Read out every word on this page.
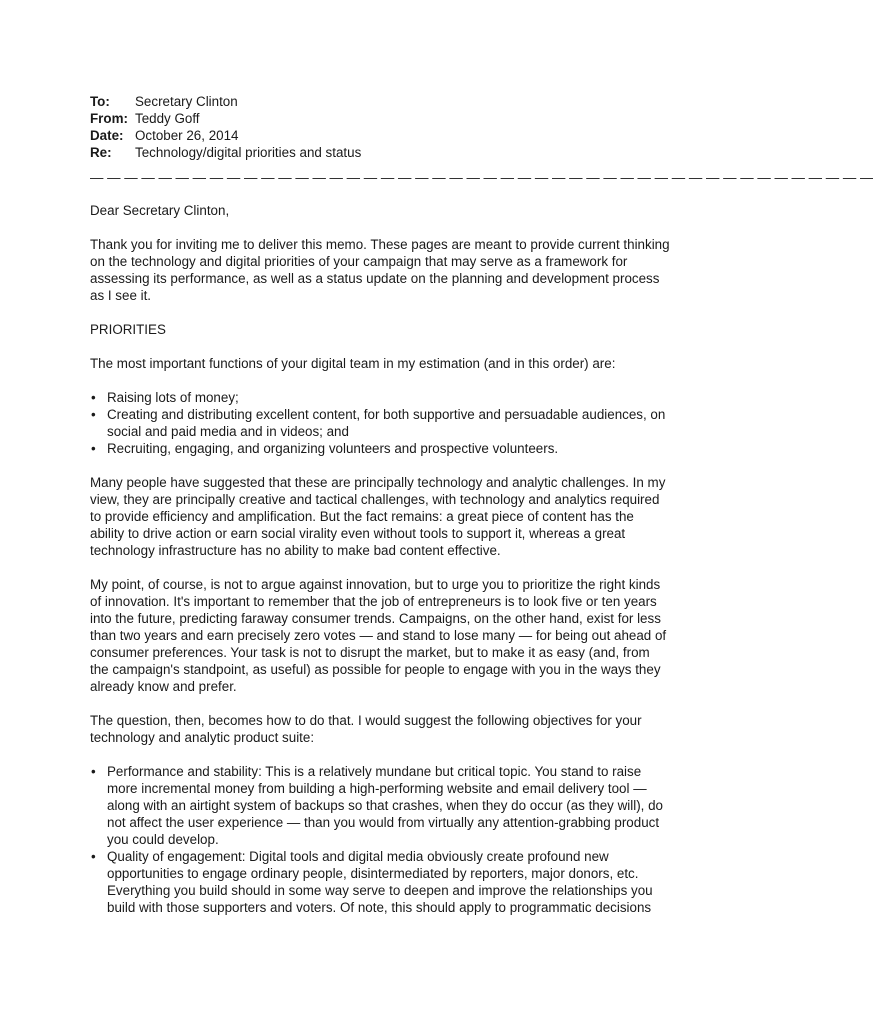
To:	Secretary Clinton
From: Teddy Goff
Date: October 26, 2014
Re:	Technology/digital priorities and status
— — — — — — — — — — — — — — — — — — — — — — — — — — — — — — — — — — — — — — — — — — — — — —

Dear Secretary Clinton,

Thank you for inviting me to deliver this memo. These pages are meant to provide current thinking on the technology and digital priorities of your campaign that may serve as a framework for assessing its performance, as well as a status update on the planning and development process as I see it.

PRIORITIES

The most important functions of your digital team in my estimation (and in this order) are:

• Raising lots of money;
• Creating and distributing excellent content, for both supportive and persuadable audiences, on social and paid media and in videos; and
• Recruiting, engaging, and organizing volunteers and prospective volunteers.

Many people have suggested that these are principally technology and analytic challenges. In my view, they are principally creative and tactical challenges, with technology and analytics required to provide efficiency and amplification. But the fact remains: a great piece of content has the ability to drive action or earn social virality even without tools to support it, whereas a great technology infrastructure has no ability to make bad content effective.

My point, of course, is not to argue against innovation, but to urge you to prioritize the right kinds of innovation. It's important to remember that the job of entrepreneurs is to look five or ten years into the future, predicting faraway consumer trends. Campaigns, on the other hand, exist for less than two years and earn precisely zero votes — and stand to lose many — for being out ahead of consumer preferences. Your task is not to disrupt the market, but to make it as easy (and, from the campaign's standpoint, as useful) as possible for people to engage with you in the ways they already know and prefer.

The question, then, becomes how to do that. I would suggest the following objectives for your technology and analytic product suite:

• Performance and stability: This is a relatively mundane but critical topic. You stand to raise more incremental money from building a high-performing website and email delivery tool — along with an airtight system of backups so that crashes, when they do occur (as they will), do not affect the user experience — than you would from virtually any attention-grabbing product you could develop.
• Quality of engagement: Digital tools and digital media obviously create profound new opportunities to engage ordinary people, disintermediated by reporters, major donors, etc. Everything you build should in some way serve to deepen and improve the relationships you build with those supporters and voters. Of note, this should apply to programmatic decisions
